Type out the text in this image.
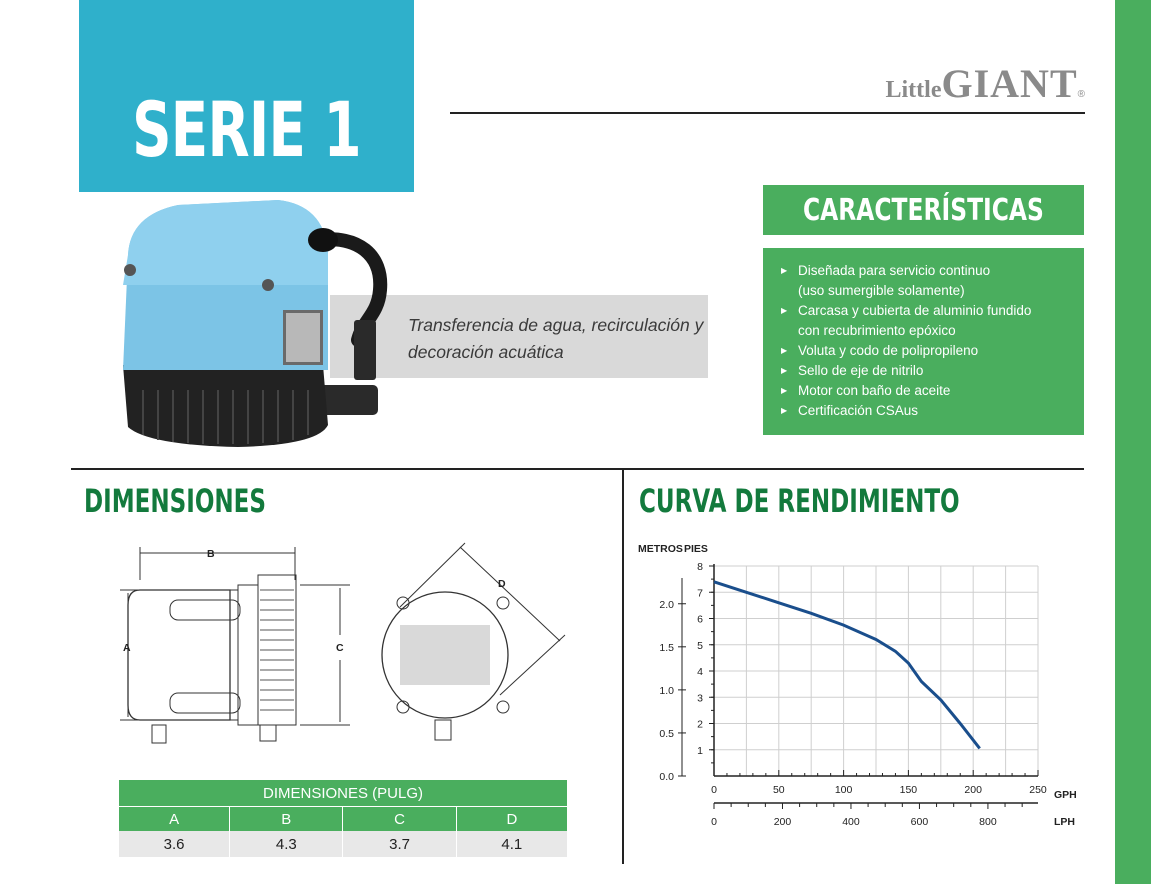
SERIE 1	LittleGIANT®
Transferencia de agua, recirculación y decoración acuática
CARACTERÍSTICAS
▶ Diseñada para servicio continuo
(uso sumergible solamente)
▶ Carcasa y cubierta de aluminio fundido
con recubrimiento epóxico
▶ Voluta y codo de polipropileno
▶ Sello de eje de nitrilo
▶ Motor con baño de aceite
▶ Certificación CSAus
DIMENSIONES	CURVA DE RENDIMIENTO
B
A	C
D
DIMENSIONES (PULG)			
A	B	C	D
3.6	4.3	3.7	4.1
METROS PIES
GPH
LPH
1
2
3
4
5
6
7
8
0.0
0.5
1.0
1.5
2.0
0	50	100	150	200	250
0	200	400	600	800
